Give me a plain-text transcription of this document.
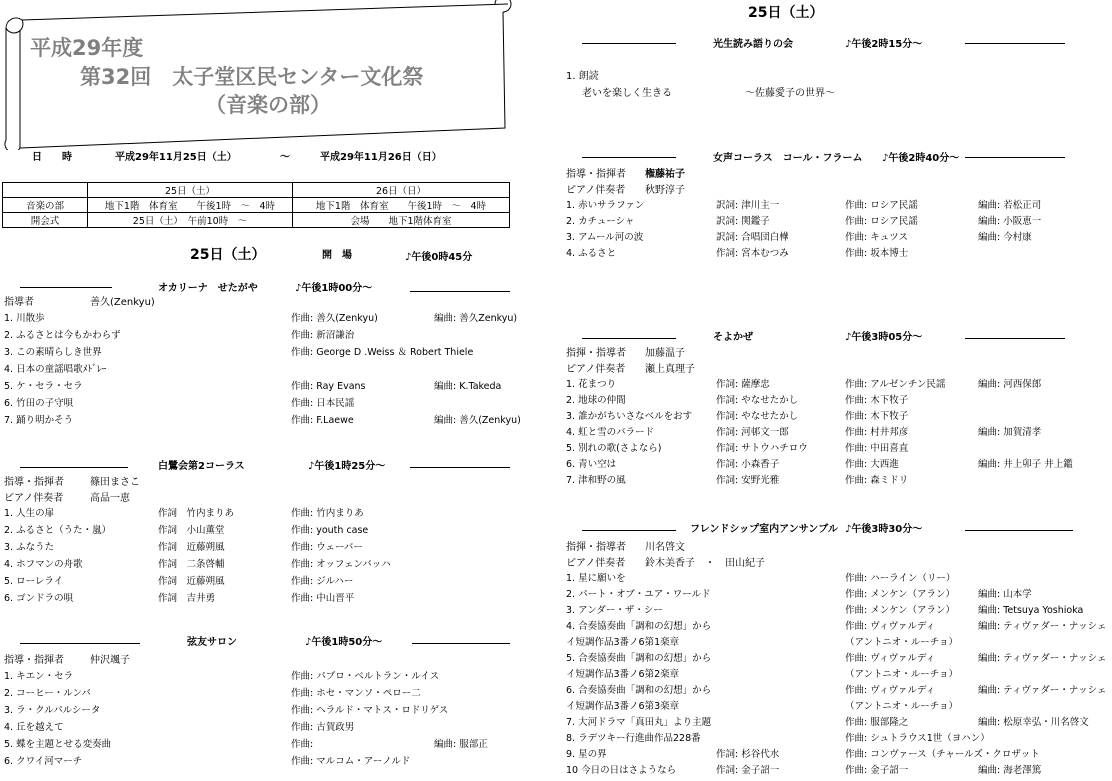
平成29年度
第32回　太子堂区民センター文化祭
（音楽の部）
日　　時	平成29年11月25日（土）	～	平成29年11月26日（日）
	25日（土）	26日（日）
音楽の部	地下1階　体育室　　午後1時　～　4時	地下1階　体育室　　午後1時　～　4時
開会式	25日（土）　午前10時　～	会場　　地下1階体育室
25日（土）	開　場	♪午後0時45分
オカリーナ　せたがや	♪午後1時00分～
指導者	善久(Zenkyu)
1. 川散歩	作曲: 善久(Zenkyu)	編曲: 善久Zenkyu)
2. ふるさとは今もかわらず	作曲: 新沼謙治
3. この素晴らしき世界	作曲: George D .Weiss ＆ Robert Thiele
4. 日本の童謡唱歌ﾒﾄﾞﾚｰ
5. ケ・セラ・セラ	作曲: Ray Evans	編曲: K.Takeda
6. 竹田の子守唄	作曲: 日本民謡
7. 踊り明かそう	作曲: F.Laewe	編曲: 善久(Zenkyu)
白鷺会第2コーラス	♪午後1時25分～
指導・指揮者	篠田まさこ
ピアノ伴奏者	高品一恵
1. 人生の扉	作詞　竹内まりあ	作曲: 竹内まりあ
2. ふるさと（うた・嵐）	作詞　小山薫堂	作曲: youth case
3. ふなうた	作詞　近藤朔風	作曲: ウェーバー
4. ホフマンの舟歌	作詞　二条啓輔	作曲: オッフェンバッハ
5. ローレライ	作詞　近藤朔風	作曲: ジルハー
6. ゴンドラの唄	作詞　吉井勇	作曲: 中山晋平
弦友サロン	♪午後1時50分～
指導・指揮者	仲沢颯子
1. キエン・セラ	作曲: パブロ・ベルトラン・ルイス
2. コーヒー・ルンバ	作曲: ホセ・マンソ・ペロー二
3. ラ・クルパルシータ	作曲: ヘラルド・マトス・ロドリゲス
4. 丘を越えて	作曲: 古賀政男
5. 蝶を主題とせる変奏曲	作曲:	編曲: 服部正
6. クワイ河マーチ	作曲: マルコム・アーノルド
25日（土）
光生読み語りの会	♪午後2時15分～
1. 朗読
老いを楽しく生きる	～佐藤愛子の世界～
女声コーラス　コール・フラーム ♪午後2時40分～
指導・指揮者 権藤祐子
ピアノ伴奏者 秋野淳子
1. 赤いサラファン	訳詞: 津川主一	作曲: ロシア民謡	編曲: 若松正司
2. カチューシャ	訳詞: 関鑑子	作曲: ロシア民謡	編曲: 小阪恵一
3. アムール河の波	訳詞: 合唱団白樺	作曲: キュツス	編曲: 今村康
4. ふるさと	作詞: 宮本むつみ	作曲: 坂本博士
そよかぜ	♪午後3時05分～
指揮・指導者 加藤温子
ピアノ伴奏者 瀬上真理子
1. 花まつり	作詞: 薩摩忠	作曲: アルゼンチン民謡	編曲: 河西保郎
2. 地球の仲間	作詞: やなせたかし	作曲: 木下牧子
3. 誰かがちいさなベルをおす	作詞: やなせたかし	作曲: 木下牧子
4. 虹と雪のバラード	作詞: 河邨文一郎	作曲: 村井邦彦	編曲: 加賀清孝
5. 別れの歌(さよなら)	作詞: サトウハチロウ	作曲: 中田喜直
6. 青い空は	作詞: 小森香子	作曲: 大西進	編曲: 井上卯子 井上鑑
7. 津和野の風	作詞: 安野光雅	作曲: 森ミドリ
フレンドシップ室内アンサンブル ♪午後3時30分～
指揮・指導者 川名啓文
ピアノ伴奏者 鈴木美香子　・　田山紀子
1. 星に願いを	作曲: ハーライン（リー）
2. パート・オブ・ユア・ワールド	作曲: メンケン（アラン） 編曲: 山本学
3. アンダー・ザ・シー	作曲: メンケン（アラン） 編曲: Tetsuya Yoshioka
4. 合奏協奏曲「調和の幻想」から	作曲: ヴィヴァルディ	編曲: ティヴァダー・ナッシェ
イ短調作品3番ノ6第1楽章	（アントニオ・ルーチョ）
5. 合奏協奏曲「調和の幻想」から	作曲: ヴィヴァルディ	編曲: ティヴァダー・ナッシェ
イ短調作品3番ノ6第2楽章	（アントニオ・ルーチョ）
6. 合奏協奏曲「調和の幻想」から	作曲: ヴィヴァルディ	編曲: ティヴァダー・ナッシェ
イ短調作品3番ノ6第3楽章	（アントニオ・ルーチョ）
7. 大河ドラマ「真田丸」より主題	作曲: 服部隆之	編曲: 松原幸弘・川名啓文
8. ラデツキー行進曲作品228番	作曲: シュトラウス1世（ヨハン）
9. 星の界	作詞: 杉谷代水	作曲: コンヴァース（チャールズ・クロザット
10 今日の日はさようなら	作詞: 金子詔一	作曲: 金子詔一	編曲: 海老澤篤
